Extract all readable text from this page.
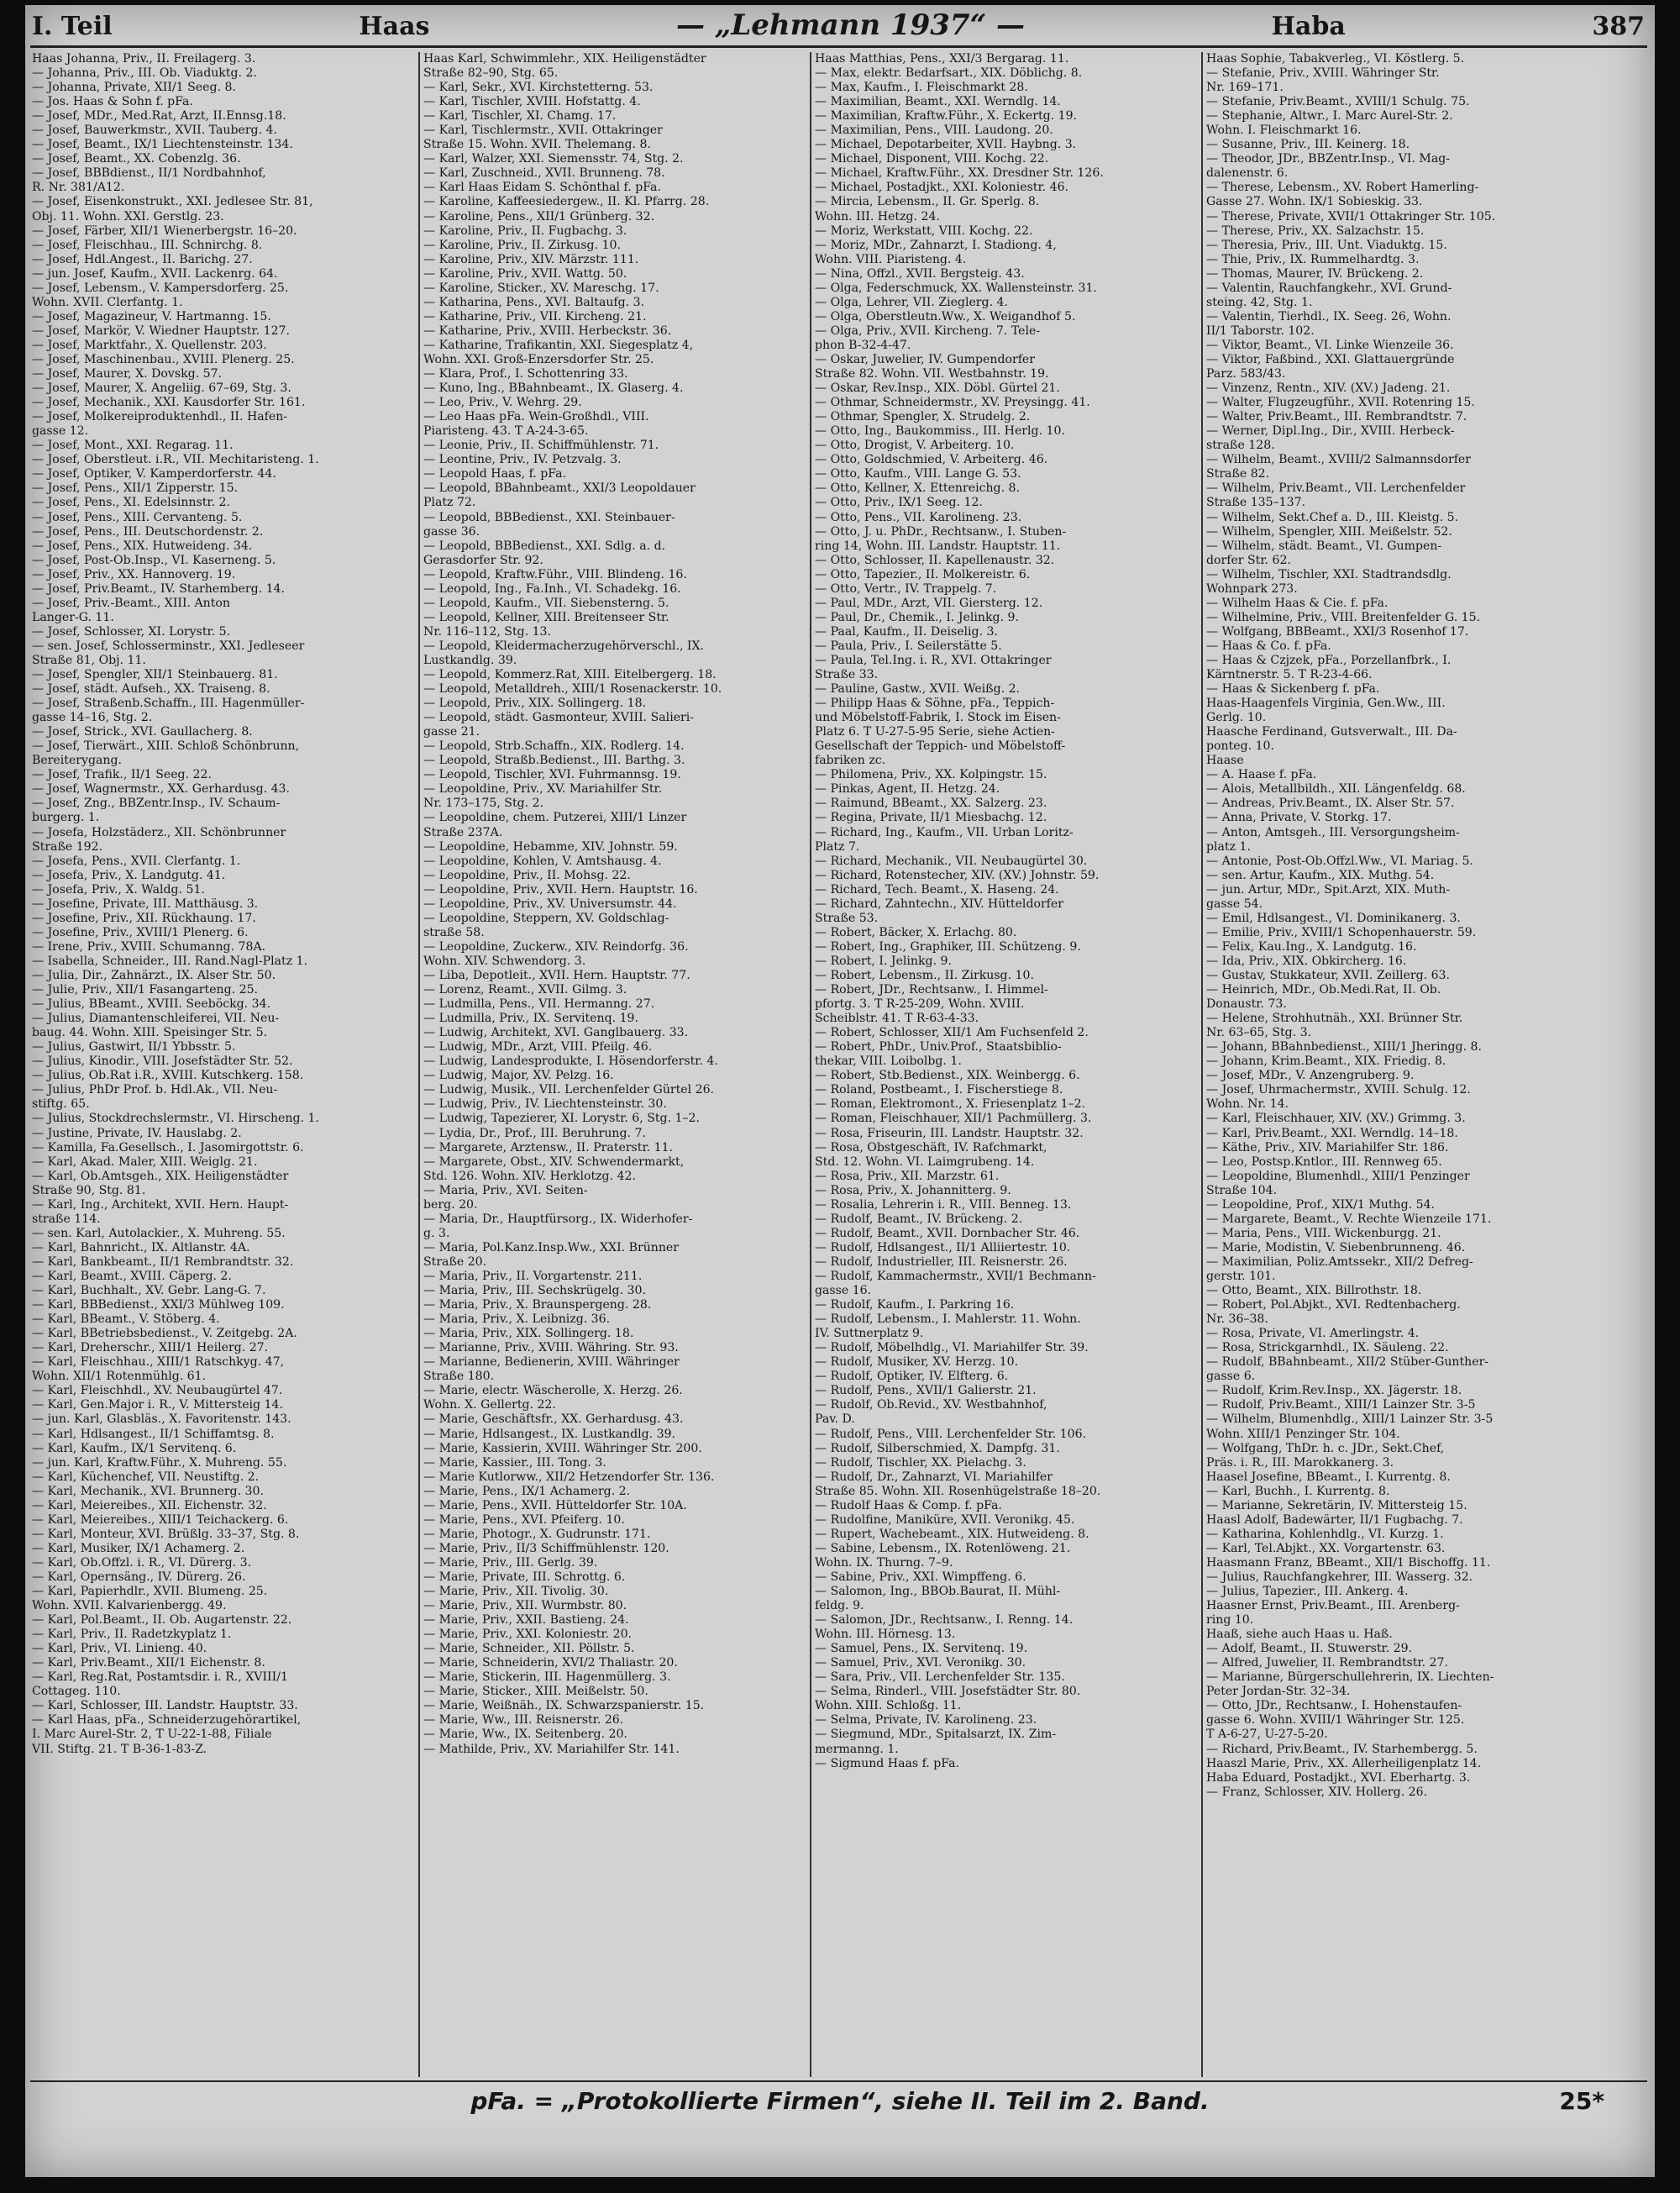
I. Teil	Haas	— „Lehmann 1937“ —	Haba	387
Haas Johanna, Priv., II. Freilagerg. 3.
— Johanna, Priv., III. Ob. Viaduktg. 2.
— Johanna, Private, XII/1 Seeg. 8.
— Jos. Haas & Sohn f. pFa.
— Josef, MDr., Med.Rat, Arzt, II.Ennsg.18.
— Josef, Bauwerkmstr., XVII. Tauberg. 4.
— Josef, Beamt., IX/1 Liechtensteinstr. 134.
— Josef, Beamt., XX. Cobenzlg. 36.
— Josef, BBBdienst., II/1 Nordbahnhof,
R. Nr. 381/A12.
— Josef, Eisenkonstrukt., XXI. Jedlesee Str. 81,
Obj. 11. Wohn. XXI. Gerstlg. 23.
— Josef, Färber, XII/1 Wienerbergstr. 16–20.
— Josef, Fleischhau., III. Schnirchg. 8.
— Josef, Hdl.Angest., II. Barichg. 27.
— jun. Josef, Kaufm., XVII. Lackenrg. 64.
— Josef, Lebensm., V. Kampersdorferg. 25.
Wohn. XVII. Clerfantg. 1.
— Josef, Magazineur, V. Hartmanng. 15.
— Josef, Markör, V. Wiedner Hauptstr. 127.
— Josef, Marktfahr., X. Quellenstr. 203.
— Josef, Maschinenbau., XVIII. Plenerg. 25.
— Josef, Maurer, X. Dovskg. 57.
— Josef, Maurer, X. Angeliig. 67–69, Stg. 3.
— Josef, Mechanik., XXI. Kausdorfer Str. 161.
— Josef, Molkereiproduktenhdl., II. Hafen-
gasse 12.
— Josef, Mont., XXI. Regarag. 11.
— Josef, Oberstleut. i.R., VII. Mechitaristeng. 1.
— Josef, Optiker, V. Kamperdorferstr. 44.
— Josef, Pens., XII/1 Zipperstr. 15.
— Josef, Pens., XI. Edelsinnstr. 2.
— Josef, Pens., XIII. Cervanteng. 5.
— Josef, Pens., III. Deutschordenstr. 2.
— Josef, Pens., XIX. Hutweideng. 34.
— Josef, Post-Ob.Insp., VI. Kaserneng. 5.
— Josef, Priv., XX. Hannoverg. 19.
— Josef, Priv.Beamt., IV. Starhemberg. 14.
— Josef, Priv.-Beamt., XIII. Anton
Langer-G. 11.
— Josef, Schlosser, XI. Lorystr. 5.
— sen. Josef, Schlosserminstr., XXI. Jedleseer
Straße 81, Obj. 11.
— Josef, Spengler, XII/1 Steinbauerg. 81.
— Josef, städt. Aufseh., XX. Traiseng. 8.
— Josef, Straßenb.Schaffn., III. Hagenmüller-
gasse 14–16, Stg. 2.
— Josef, Strick., XVI. Gaullacherg. 8.
— Josef, Tierwärt., XIII. Schloß Schönbrunn,
Bereiterygang.
— Josef, Trafik., II/1 Seeg. 22.
— Josef, Wagnermstr., XX. Gerhardusg. 43.
— Josef, Zng., BBZentr.Insp., IV. Schaum-
burgerg. 1.
— Josefa, Holzstäderz., XII. Schönbrunner
Straße 192.
— Josefa, Pens., XVII. Clerfantg. 1.
— Josefa, Priv., X. Landgutg. 41.
— Josefa, Priv., X. Waldg. 51.
— Josefine, Private, III. Matthäusg. 3.
— Josefine, Priv., XII. Rückhaung. 17.
— Josefine, Priv., XVIII/1 Plenerg. 6.
— Irene, Priv., XVIII. Schumanng. 78A.
— Isabella, Schneider., III. Rand.Nagl-Platz 1.
— Julia, Dir., Zahnärzt., IX. Alser Str. 50.
— Julie, Priv., XII/1 Fasangarteng. 25.
— Julius, BBeamt., XVIII. Seeböckg. 34.
— Julius, Diamantenschleiferei, VII. Neu-
baug. 44. Wohn. XIII. Speisinger Str. 5.
— Julius, Gastwirt, II/1 Ybbsstr. 5.
— Julius, Kinodir., VIII. Josefstädter Str. 52.
— Julius, Ob.Rat i.R., XVIII. Kutschkerg. 158.
— Julius, PhDr Prof. b. Hdl.Ak., VII. Neu-
stiftg. 65.
— Julius, Stockdrechslermstr., VI. Hirscheng. 1.
— Justine, Private, IV. Hauslabg. 2.
— Kamilla, Fa.Gesellsch., I. Jasomirgottstr. 6.
— Karl, Akad. Maler, XIII. Weiglg. 21.
— Karl, Ob.Amtsgeh., XIX. Heiligenstädter
Straße 90, Stg. 81.
— Karl, Ing., Architekt, XVII. Hern. Haupt-
straße 114.
— sen. Karl, Autolackier., X. Muhreng. 55.
— Karl, Bahnricht., IX. Altlanstr. 4A.
— Karl, Bankbeamt., II/1 Rembrandtstr. 32.
— Karl, Beamt., XVIII. Cäperg. 2.
— Karl, Buchhalt., XV. Gebr. Lang-G. 7.
— Karl, BBBedienst., XXI/3 Mühlweg 109.
— Karl, BBeamt., V. Stöberg. 4.
— Karl, BBetriebsbedienst., V. Zeitgebg. 2A.
— Karl, Dreherschr., XIII/1 Heilerg. 27.
— Karl, Fleischhau., XIII/1 Ratschkyg. 47,
Wohn. XII/1 Rotenmühlg. 61.
— Karl, Fleischhdl., XV. Neubaugürtel 47.
— Karl, Gen.Major i. R., V. Mittersteig 14.
— jun. Karl, Glasbläs., X. Favoritenstr. 143.
— Karl, Hdlsangest., II/1 Schiffamtsg. 8.
— Karl, Kaufm., IX/1 Servitenq. 6.
— jun. Karl, Kraftw.Führ., X. Muhreng. 55.
— Karl, Küchenchef, VII. Neustiftg. 2.
— Karl, Mechanik., XVI. Brunnerg. 30.
— Karl, Meiereibes., XII. Eichenstr. 32.
— Karl, Meiereibes., XIII/1 Teichackerg. 6.
— Karl, Monteur, XVI. Brüßlg. 33–37, Stg. 8.
— Karl, Musiker, IX/1 Achamerg. 2.
— Karl, Ob.Offzl. i. R., VI. Dürerg. 3.
— Karl, Opernsäng., IV. Dürerg. 26.
— Karl, Papierhdlr., XVII. Blumeng. 25.
Wohn. XVII. Kalvarienbergg. 49.
— Karl, Pol.Beamt., II. Ob. Augartenstr. 22.
— Karl, Priv., II. Radetzkyplatz 1.
— Karl, Priv., VI. Linieng. 40.
— Karl, Priv.Beamt., XII/1 Eichenstr. 8.
— Karl, Reg.Rat, Postamtsdir. i. R., XVIII/1
Cottageg. 110.
— Karl, Schlosser, III. Landstr. Hauptstr. 33.
— Karl Haas, pFa., Schneiderzugehörartikel,
I. Marc Aurel-Str. 2, T U-22-1-88, Filiale
VII. Stiftg. 21. T B-36-1-83-Z.
Haas Karl, Schwimmlehr., XIX. Heiligenstädter
Straße 82–90, Stg. 65.
— Karl, Sekr., XVI. Kirchstetterng. 53.
— Karl, Tischler, XVIII. Hofstattg. 4.
— Karl, Tischler, XI. Chamg. 17.
— Karl, Tischlermstr., XVII. Ottakringer
Straße 15. Wohn. XVII. Thelemang. 8.
— Karl, Walzer, XXI. Siemensstr. 74, Stg. 2.
— Karl, Zuschneid., XVII. Brunneng. 78.
— Karl Haas Eidam S. Schönthal f. pFa.
— Karoline, Kaffeesiedergew., II. Kl. Pfarrg. 28.
— Karoline, Pens., XII/1 Grünberg. 32.
— Karoline, Priv., II. Fugbachg. 3.
— Karoline, Priv., II. Zirkusg. 10.
— Karoline, Priv., XIV. Märzstr. 111.
— Karoline, Priv., XVII. Wattg. 50.
— Karoline, Sticker., XV. Mareschg. 17.
— Katharina, Pens., XVI. Baltaufg. 3.
— Katharine, Priv., VII. Kircheng. 21.
— Katharine, Priv., XVIII. Herbeckstr. 36.
— Katharine, Trafikantin, XXI. Siegesplatz 4,
Wohn. XXI. Groß-Enzersdorfer Str. 25.
— Klara, Prof., I. Schottenring 33.
— Kuno, Ing., BBahnbeamt., IX. Glaserg. 4.
— Leo, Priv., V. Wehrg. 29.
— Leo Haas pFa. Wein-Großhdl., VIII.
Piaristeng. 43. T A-24-3-65.
— Leonie, Priv., II. Schiffmühlenstr. 71.
— Leontine, Priv., IV. Petzvalg. 3.
— Leopold Haas, f. pFa.
— Leopold, BBahnbeamt., XXI/3 Leopoldauer
Platz 72.
— Leopold, BBBedienst., XXI. Steinbauer-
gasse 36.
— Leopold, BBBedienst., XXI. Sdlg. a. d.
Gerasdorfer Str. 92.
— Leopold, Kraftw.Führ., VIII. Blindeng. 16.
— Leopold, Ing., Fa.Inh., VI. Schadekg. 16.
— Leopold, Kaufm., VII. Siebensterng. 5.
— Leopold, Kellner, XIII. Breitenseer Str.
Nr. 116–112, Stg. 13.
— Leopold, Kleidermacherzugehörverschl., IX.
Lustkandlg. 39.
— Leopold, Kommerz.Rat, XIII. Eitelbergerg. 18.
— Leopold, Metalldreh., XIII/1 Rosenackerstr. 10.
— Leopold, Priv., XIX. Sollingerg. 18.
— Leopold, städt. Gasmonteur, XVIII. Salieri-
gasse 21.
— Leopold, Strb.Schaffn., XIX. Rodlerg. 14.
— Leopold, Straßb.Bedienst., III. Barthg. 3.
— Leopold, Tischler, XVI. Fuhrmannsg. 19.
— Leopoldine, Priv., XV. Mariahilfer Str.
Nr. 173–175, Stg. 2.
— Leopoldine, chem. Putzerei, XIII/1 Linzer
Straße 237A.
— Leopoldine, Hebamme, XIV. Johnstr. 59.
— Leopoldine, Kohlen, V. Amtshausg. 4.
— Leopoldine, Priv., II. Mohsg. 22.
— Leopoldine, Priv., XVII. Hern. Hauptstr. 16.
— Leopoldine, Priv., XV. Universumstr. 44.
— Leopoldine, Steppern, XV. Goldschlag-
straße 58.
— Leopoldine, Zuckerw., XIV. Reindorfg. 36.
Wohn. XIV. Schwendorg. 3.
— Liba, Depotleit., XVII. Hern. Hauptstr. 77.
— Lorenz, Reamt., XVII. Gilmg. 3.
— Ludmilla, Pens., VII. Hermanng. 27.
— Ludmilla, Priv., IX. Servitenq. 19.
— Ludwig, Architekt, XVI. Ganglbauerg. 33.
— Ludwig, MDr., Arzt, VIII. Pfeilg. 46.
— Ludwig, Landesprodukte, I. Hösendorferstr. 4.
— Ludwig, Major, XV. Pelzg. 16.
— Ludwig, Musik., VII. Lerchenfelder Gürtel 26.
— Ludwig, Priv., IV. Liechtensteinstr. 30.
— Ludwig, Tapezierer, XI. Lorystr. 6, Stg. 1–2.
— Lydia, Dr., Prof., III. Beruhrung. 7.
— Margarete, Arztensw., II. Praterstr. 11.
— Margarete, Obst., XIV. Schwendermarkt,
Std. 126. Wohn. XIV. Herklotzg. 42.
— Maria, Priv., XVI. Seiten-
berg. 20.
— Maria, Dr., Hauptfürsorg., IX. Widerhofer-
g. 3.
— Maria, Pol.Kanz.Insp.Ww., XXI. Brünner
Straße 20.
— Maria, Priv., II. Vorgartenstr. 211.
— Maria, Priv., III. Sechskrügelg. 30.
— Maria, Priv., X. Braunspergeng. 28.
— Maria, Priv., X. Leibnizg. 36.
— Maria, Priv., XIX. Sollingerg. 18.
— Marianne, Priv., XVIII. Währing. Str. 93.
— Marianne, Bedienerin, XVIII. Währinger
Straße 180.
— Marie, electr. Wäscherolle, X. Herzg. 26.
Wohn. X. Gellertg. 22.
— Marie, Geschäftsfr., XX. Gerhardusg. 43.
— Marie, Hdlsangest., IX. Lustkandlg. 39.
— Marie, Kassierin, XVIII. Währinger Str. 200.
— Marie, Kassier., III. Tong. 3.
— Marie Kutlorww., XII/2 Hetzendorfer Str. 136.
— Marie, Pens., IX/1 Achamerg. 2.
— Marie, Pens., XVII. Hütteldorfer Str. 10A.
— Marie, Pens., XVI. Pfeiferg. 10.
— Marie, Photogr., X. Gudrunstr. 171.
— Marie, Priv., II/3 Schiffmühlenstr. 120.
— Marie, Priv., III. Gerlg. 39.
— Marie, Private, III. Schrottg. 6.
— Marie, Priv., XII. Tivolig. 30.
— Marie, Priv., XII. Wurmbstr. 80.
— Marie, Priv., XXII. Bastieng. 24.
— Marie, Priv., XXI. Koloniestr. 20.
— Marie, Schneider., XII. Pöllstr. 5.
— Marie, Schneiderin, XVI/2 Thaliastr. 20.
— Marie, Stickerin, III. Hagenmüllerg. 3.
— Marie, Sticker., XIII. Meißelstr. 50.
— Marie, Weißnäh., IX. Schwarzspanierstr. 15.
— Marie, Ww., III. Reisnerstr. 26.
— Marie, Ww., IX. Seitenberg. 20.
— Mathilde, Priv., XV. Mariahilfer Str. 141.
Haas Matthias, Pens., XXI/3 Bergarag. 11.
— Max, elektr. Bedarfsart., XIX. Döblichg. 8.
— Max, Kaufm., I. Fleischmarkt 28.
— Maximilian, Beamt., XXI. Werndlg. 14.
— Maximilian, Kraftw.Führ., X. Eckertg. 19.
— Maximilian, Pens., VIII. Laudong. 20.
— Michael, Depotarbeiter, XVII. Haybng. 3.
— Michael, Disponent, VIII. Kochg. 22.
— Michael, Kraftw.Führ., XX. Dresdner Str. 126.
— Michael, Postadjkt., XXI. Koloniestr. 46.
— Mircia, Lebensm., II. Gr. Sperlg. 8.
Wohn. III. Hetzg. 24.
— Moriz, Werkstatt, VIII. Kochg. 22.
— Moriz, MDr., Zahnarzt, I. Stadiong. 4,
Wohn. VIII. Piaristeng. 4.
— Nina, Offzl., XVII. Bergsteig. 43.
— Olga, Federschmuck, XX. Wallensteinstr. 31.
— Olga, Lehrer, VII. Zieglerg. 4.
— Olga, Oberstleutn.Ww., X. Weigandhof 5.
— Olga, Priv., XVII. Kircheng. 7. Tele-
phon B-32-4-47.
— Oskar, Juwelier, IV. Gumpendorfer
Straße 82. Wohn. VII. Westbahnstr. 19.
— Oskar, Rev.Insp., XIX. Döbl. Gürtel 21.
— Othmar, Schneidermstr., XV. Preysingg. 41.
— Othmar, Spengler, X. Strudelg. 2.
— Otto, Ing., Baukommiss., III. Herlg. 10.
— Otto, Drogist, V. Arbeiterg. 10.
— Otto, Goldschmied, V. Arbeiterg. 46.
— Otto, Kaufm., VIII. Lange G. 53.
— Otto, Kellner, X. Ettenreichg. 8.
— Otto, Priv., IX/1 Seeg. 12.
— Otto, Pens., VII. Karolineng. 23.
— Otto, J. u. PhDr., Rechtsanw., I. Stuben-
ring 14, Wohn. III. Landstr. Hauptstr. 11.
— Otto, Schlosser, II. Kapellenaustr. 32.
— Otto, Tapezier., II. Molkereistr. 6.
— Otto, Vertr., IV. Trappelg. 7.
— Paul, MDr., Arzt, VII. Giersterg. 12.
— Paul, Dr., Chemik., I. Jelinkg. 9.
— Paal, Kaufm., II. Deiselig. 3.
— Paula, Priv., I. Seilerstätte 5.
— Paula, Tel.Ing. i. R., XVI. Ottakringer
Straße 33.
— Pauline, Gastw., XVII. Weißg. 2.
— Philipp Haas & Söhne, pFa., Teppich-
und Möbelstoff-Fabrik, I. Stock im Eisen-
Platz 6. T U-27-5-95 Serie, siehe Actien-
Gesellschaft der Teppich- und Möbelstoff-
fabriken zc.
— Philomena, Priv., XX. Kolpingstr. 15.
— Pinkas, Agent, II. Hetzg. 24.
— Raimund, BBeamt., XX. Salzerg. 23.
— Regina, Private, II/1 Miesbachg. 12.
— Richard, Ing., Kaufm., VII. Urban Loritz-
Platz 7.
— Richard, Mechanik., VII. Neubaugürtel 30.
— Richard, Rotenstecher, XIV. (XV.) Johnstr. 59.
— Richard, Tech. Beamt., X. Haseng. 24.
— Richard, Zahntechn., XIV. Hütteldorfer
Straße 53.
— Robert, Bäcker, X. Erlachg. 80.
— Robert, Ing., Graphiker, III. Schützeng. 9.
— Robert, I. Jelinkg. 9.
— Robert, Lebensm., II. Zirkusg. 10.
— Robert, JDr., Rechtsanw., I. Himmel-
pfortg. 3. T R-25-209, Wohn. XVIII.
Scheiblstr. 41. T R-63-4-33.
— Robert, Schlosser, XII/1 Am Fuchsenfeld 2.
— Robert, PhDr., Univ.Prof., Staatsbiblio-
thekar, VIII. Loibolbg. 1.
— Robert, Stb.Bedienst., XIX. Weinbergg. 6.
— Roland, Postbeamt., I. Fischerstiege 8.
— Roman, Elektromont., X. Friesenplatz 1–2.
— Roman, Fleischhauer, XII/1 Pachmüllerg. 3.
— Rosa, Friseurin, III. Landstr. Hauptstr. 32.
— Rosa, Obstgeschäft, IV. Rafchmarkt,
Std. 12. Wohn. VI. Laimgrubeng. 14.
— Rosa, Priv., XII. Marzstr. 61.
— Rosa, Priv., X. Johannitterg. 9.
— Rosalia, Lehrerin i. R., VIII. Benneg. 13.
— Rudolf, Beamt., IV. Brückeng. 2.
— Rudolf, Beamt., XVII. Dornbacher Str. 46.
— Rudolf, Hdlsangest., II/1 Alliiertestr. 10.
— Rudolf, Industrieller, III. Reisnerstr. 26.
— Rudolf, Kammachermstr., XVII/1 Bechmann-
gasse 16.
— Rudolf, Kaufm., I. Parkring 16.
— Rudolf, Lebensm., I. Mahlerstr. 11. Wohn.
IV. Suttnerplatz 9.
— Rudolf, Möbelhdlg., VI. Mariahilfer Str. 39.
— Rudolf, Musiker, XV. Herzg. 10.
— Rudolf, Optiker, IV. Elfterg. 6.
— Rudolf, Pens., XVII/1 Galierstr. 21.
— Rudolf, Ob.Revid., XV. Westbahnhof,
Pav. D.
— Rudolf, Pens., VIII. Lerchenfelder Str. 106.
— Rudolf, Silberschmied, X. Dampfg. 31.
— Rudolf, Tischler, XX. Pielachg. 3.
— Rudolf, Dr., Zahnarzt, VI. Mariahilfer
Straße 85. Wohn. XII. Rosenhügelstraße 18–20.
— Rudolf Haas & Comp. f. pFa.
— Rudolfine, Maniküre, XVII. Veronikg. 45.
— Rupert, Wachebeamt., XIX. Hutweideng. 8.
— Sabine, Lebensm., IX. Rotenlöweng. 21.
Wohn. IX. Thurng. 7–9.
— Sabine, Priv., XXI. Wimpffeng. 6.
— Salomon, Ing., BBOb.Baurat, II. Mühl-
feldg. 9.
— Salomon, JDr., Rechtsanw., I. Renng. 14.
Wohn. III. Hörnesg. 13.
— Samuel, Pens., IX. Servitenq. 19.
— Samuel, Priv., XVI. Veronikg. 30.
— Sara, Priv., VII. Lerchenfelder Str. 135.
— Selma, Rinderl., VIII. Josefstädter Str. 80.
Wohn. XIII. Schloßg. 11.
— Selma, Private, IV. Karolineng. 23.
— Siegmund, MDr., Spitalsarzt, IX. Zim-
mermanng. 1.
— Sigmund Haas f. pFa.
Haas Sophie, Tabakverleg., VI. Köstlerg. 5.
— Stefanie, Priv., XVIII. Währinger Str.
Nr. 169–171.
— Stefanie, Priv.Beamt., XVIII/1 Schulg. 75.
— Stephanie, Altwr., I. Marc Aurel-Str. 2.
Wohn. I. Fleischmarkt 16.
— Susanne, Priv., III. Keinerg. 18.
— Theodor, JDr., BBZentr.Insp., VI. Mag-
dalenenstr. 6.
— Therese, Lebensm., XV. Robert Hamerling-
Gasse 27. Wohn. IX/1 Sobieskig. 33.
— Therese, Private, XVII/1 Ottakringer Str. 105.
— Therese, Priv., XX. Salzachstr. 15.
— Theresia, Priv., III. Unt. Viaduktg. 15.
— Thie, Priv., IX. Rummelhardtg. 3.
— Thomas, Maurer, IV. Brückeng. 2.
— Valentin, Rauchfangkehr., XVI. Grund-
steing. 42, Stg. 1.
— Valentin, Tierhdl., IX. Seeg. 26, Wohn.
II/1 Taborstr. 102.
— Viktor, Beamt., VI. Linke Wienzeile 36.
— Viktor, Faßbind., XXI. Glattauergründe
Parz. 583/43.
— Vinzenz, Rentn., XIV. (XV.) Jadeng. 21.
— Walter, Flugzeugführ., XVII. Rotenring 15.
— Walter, Priv.Beamt., III. Rembrandtstr. 7.
— Werner, Dipl.Ing., Dir., XVIII. Herbeck-
straße 128.
— Wilhelm, Beamt., XVIII/2 Salmannsdorfer
Straße 82.
— Wilhelm, Priv.Beamt., VII. Lerchenfelder
Straße 135–137.
— Wilhelm, Sekt.Chef a. D., III. Kleistg. 5.
— Wilhelm, Spengler, XIII. Meißelstr. 52.
— Wilhelm, städt. Beamt., VI. Gumpen-
dorfer Str. 62.
— Wilhelm, Tischler, XXI. Stadtrandsdlg.
Wohnpark 273.
— Wilhelm Haas & Cie. f. pFa.
— Wilhelmine, Priv., VIII. Breitenfelder G. 15.
— Wolfgang, BBBeamt., XXI/3 Rosenhof 17.
— Haas & Co. f. pFa.
— Haas & Czjzek, pFa., Porzellanfbrk., I.
Kärntnerstr. 5. T R-23-4-66.
— Haas & Sickenberg f. pFa.
Haas-Haagenfels Virginia, Gen.Ww., III.
Gerlg. 10.
Haasche Ferdinand, Gutsverwalt., III. Da-
ponteg. 10.
Haase
— A. Haase f. pFa.
— Alois, Metallbildh., XII. Längenfeldg. 68.
— Andreas, Priv.Beamt., IX. Alser Str. 57.
— Anna, Private, V. Storkg. 17.
— Anton, Amtsgeh., III. Versorgungsheim-
platz 1.
— Antonie, Post-Ob.Offzl.Ww., VI. Mariag. 5.
— sen. Artur, Kaufm., XIX. Muthg. 54.
— jun. Artur, MDr., Spit.Arzt, XIX. Muth-
gasse 54.
— Emil, Hdlsangest., VI. Dominikanerg. 3.
— Emilie, Priv., XVIII/1 Schopenhauerstr. 59.
— Felix, Kau.Ing., X. Landgutg. 16.
— Ida, Priv., XIX. Obkircherg. 16.
— Gustav, Stukkateur, XVII. Zeillerg. 63.
— Heinrich, MDr., Ob.Medi.Rat, II. Ob.
Donaustr. 73.
— Helene, Strohhutnäh., XXI. Brünner Str.
Nr. 63–65, Stg. 3.
— Johann, BBahnbedienst., XIII/1 Jheringg. 8.
— Johann, Krim.Beamt., XIX. Friedig. 8.
— Josef, MDr., V. Anzengruberg. 9.
— Josef, Uhrmachermstr., XVIII. Schulg. 12.
Wohn. Nr. 14.
— Karl, Fleischhauer, XIV. (XV.) Grimmg. 3.
— Karl, Priv.Beamt., XXI. Werndlg. 14–18.
— Käthe, Priv., XIV. Mariahilfer Str. 186.
— Leo, Postsp.Kntlor., III. Rennweg 65.
— Leopoldine, Blumenhdl., XIII/1 Penzinger
Straße 104.
— Leopoldine, Prof., XIX/1 Muthg. 54.
— Margarete, Beamt., V. Rechte Wienzeile 171.
— Maria, Pens., VIII. Wickenburgg. 21.
— Marie, Modistin, V. Siebenbrunneng. 46.
— Maximilian, Poliz.Amtssekr., XII/2 Defreg-
gerstr. 101.
— Otto, Beamt., XIX. Billrothstr. 18.
— Robert, Pol.Abjkt., XVI. Redtenbacherg.
Nr. 36–38.
— Rosa, Private, VI. Amerlingstr. 4.
— Rosa, Strickgarnhdl., IX. Säuleng. 22.
— Rudolf, BBahnbeamt., XII/2 Stüber-Gunther-
gasse 6.
— Rudolf, Krim.Rev.Insp., XX. Jägerstr. 18.
— Rudolf, Priv.Beamt., XIII/1 Lainzer Str. 3-5
— Wilhelm, Blumenhdlg., XIII/1 Lainzer Str. 3-5
Wohn. XIII/1 Penzinger Str. 104.
— Wolfgang, ThDr. h. c. JDr., Sekt.Chef,
Präs. i. R., III. Marokkanerg. 3.
Haasel Josefine, BBeamt., I. Kurrentg. 8.
— Karl, Buchh., I. Kurrentg. 8.
— Marianne, Sekretärin, IV. Mittersteig 15.
Haasl Adolf, Badewärter, II/1 Fugbachg. 7.
— Katharina, Kohlenhdlg., VI. Kurzg. 1.
— Karl, Tel.Abjkt., XX. Vorgartenstr. 63.
Haasmann Franz, BBeamt., XII/1 Bischoffg. 11.
— Julius, Rauchfangkehrer, III. Wasserg. 32.
— Julius, Tapezier., III. Ankerg. 4.
Haasner Ernst, Priv.Beamt., III. Arenberg-
ring 10.
Haaß, siehe auch Haas u. Haß.
— Adolf, Beamt., II. Stuwerstr. 29.
— Alfred, Juwelier, II. Rembrandtstr. 27.
— Marianne, Bürgerschullehrerin, IX. Liechten-
Peter Jordan-Str. 32–34.
— Otto, JDr., Rechtsanw., I. Hohenstaufen-
gasse 6. Wohn. XVIII/1 Währinger Str. 125.
T A-6-27, U-27-5-20.
— Richard, Priv.Beamt., IV. Starhembergg. 5.
Haaszl Marie, Priv., XX. Allerheiligenplatz 14.
Haba Eduard, Postadjkt., XVI. Eberhartg. 3.
— Franz, Schlosser, XIV. Hollerg. 26.
pFa. = „Protokollierte Firmen“, siehe II. Teil im 2. Band.	25*
